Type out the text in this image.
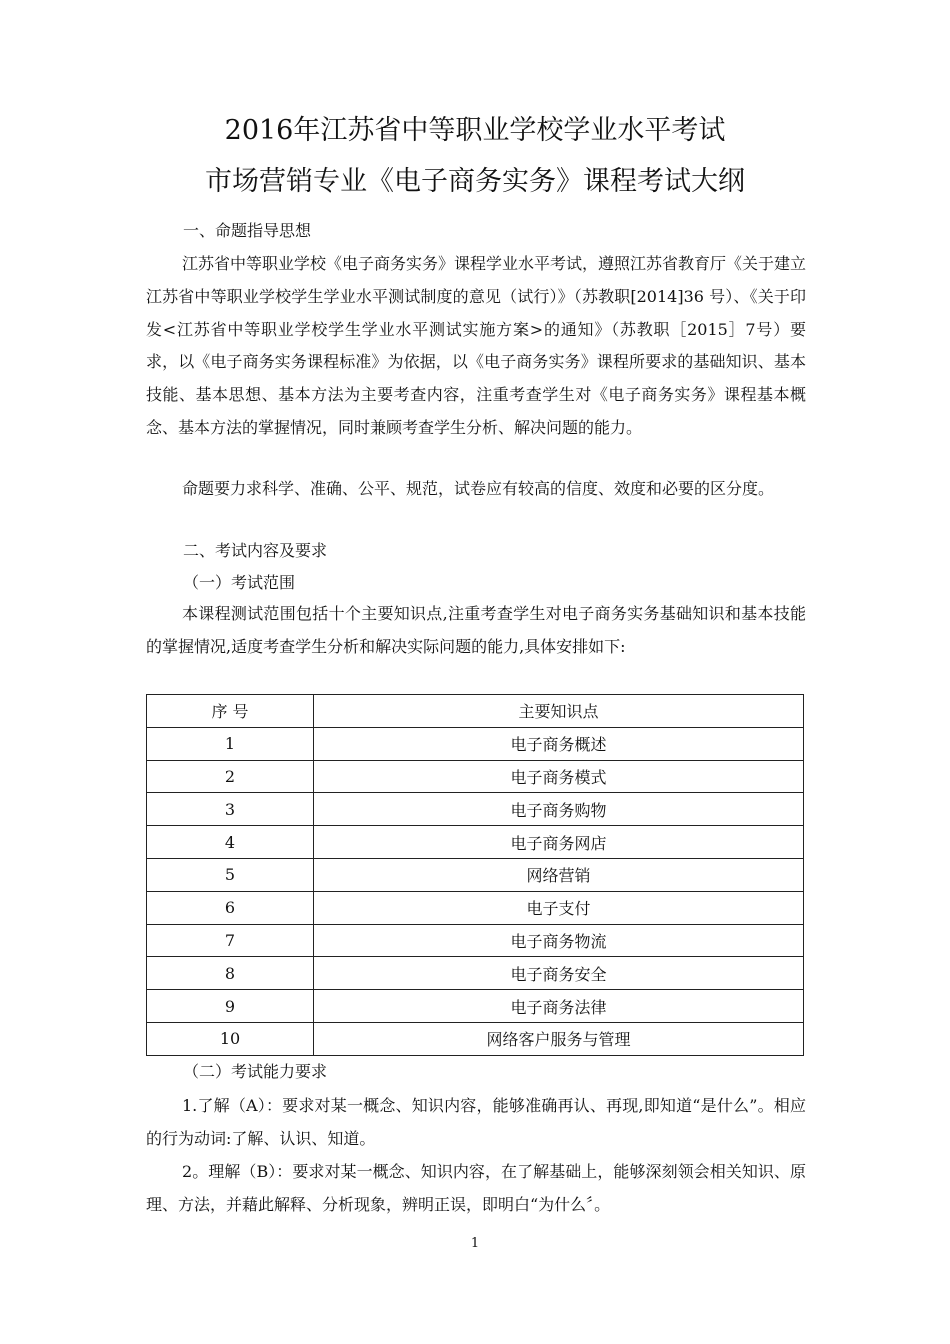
2016年江苏省中等职业学校学业水平考试
市场营销专业《电子商务实务》课程考试大纲
一、命题指导思想
江苏省中等职业学校《电子商务实务》课程学业水平考试，遵照江苏省教育厅《关于建立江苏省中等职业学校学生学业水平测试制度的意见（试行）》（苏教职[2014]36 号）、《关于印发<江苏省中等职业学校学生学业水平测试实施方案>的通知》（苏教职［2015］7号）要求，以《电子商务实务课程标准》为依据，以《电子商务实务》课程所要求的基础知识、基本技能、基本思想、基本方法为主要考查内容，注重考查学生对《电子商务实务》课程基本概念、基本方法的掌握情况，同时兼顾考查学生分析、解决问题的能力。
命题要力求科学、准确、公平、规范，试卷应有较高的信度、效度和必要的区分度。
二、考试内容及要求
（一）考试范围
本课程测试范围包括十个主要知识点,注重考查学生对电子商务实务基础知识和基本技能的掌握情况,适度考查学生分析和解决实际问题的能力,具体安排如下:
序 号	主要知识点
1	电子商务概述
2	电子商务模式
3	电子商务购物
4	电子商务网店
5	网络营销
6	电子支付
7	电子商务物流
8	电子商务安全
9	电子商务法律
10	网络客户服务与管理
（二）考试能力要求
1.了解（A）：要求对某一概念、知识内容，能够准确再认、再现,即知道“是什么”。相应的行为动词:了解、认识、知道。
2。理解（B）：要求对某一概念、知识内容，在了解基础上，能够深刻领会相关知识、原理、方法，并藉此解释、分析现象，辨明正误，即明白“为什么〞。
1
